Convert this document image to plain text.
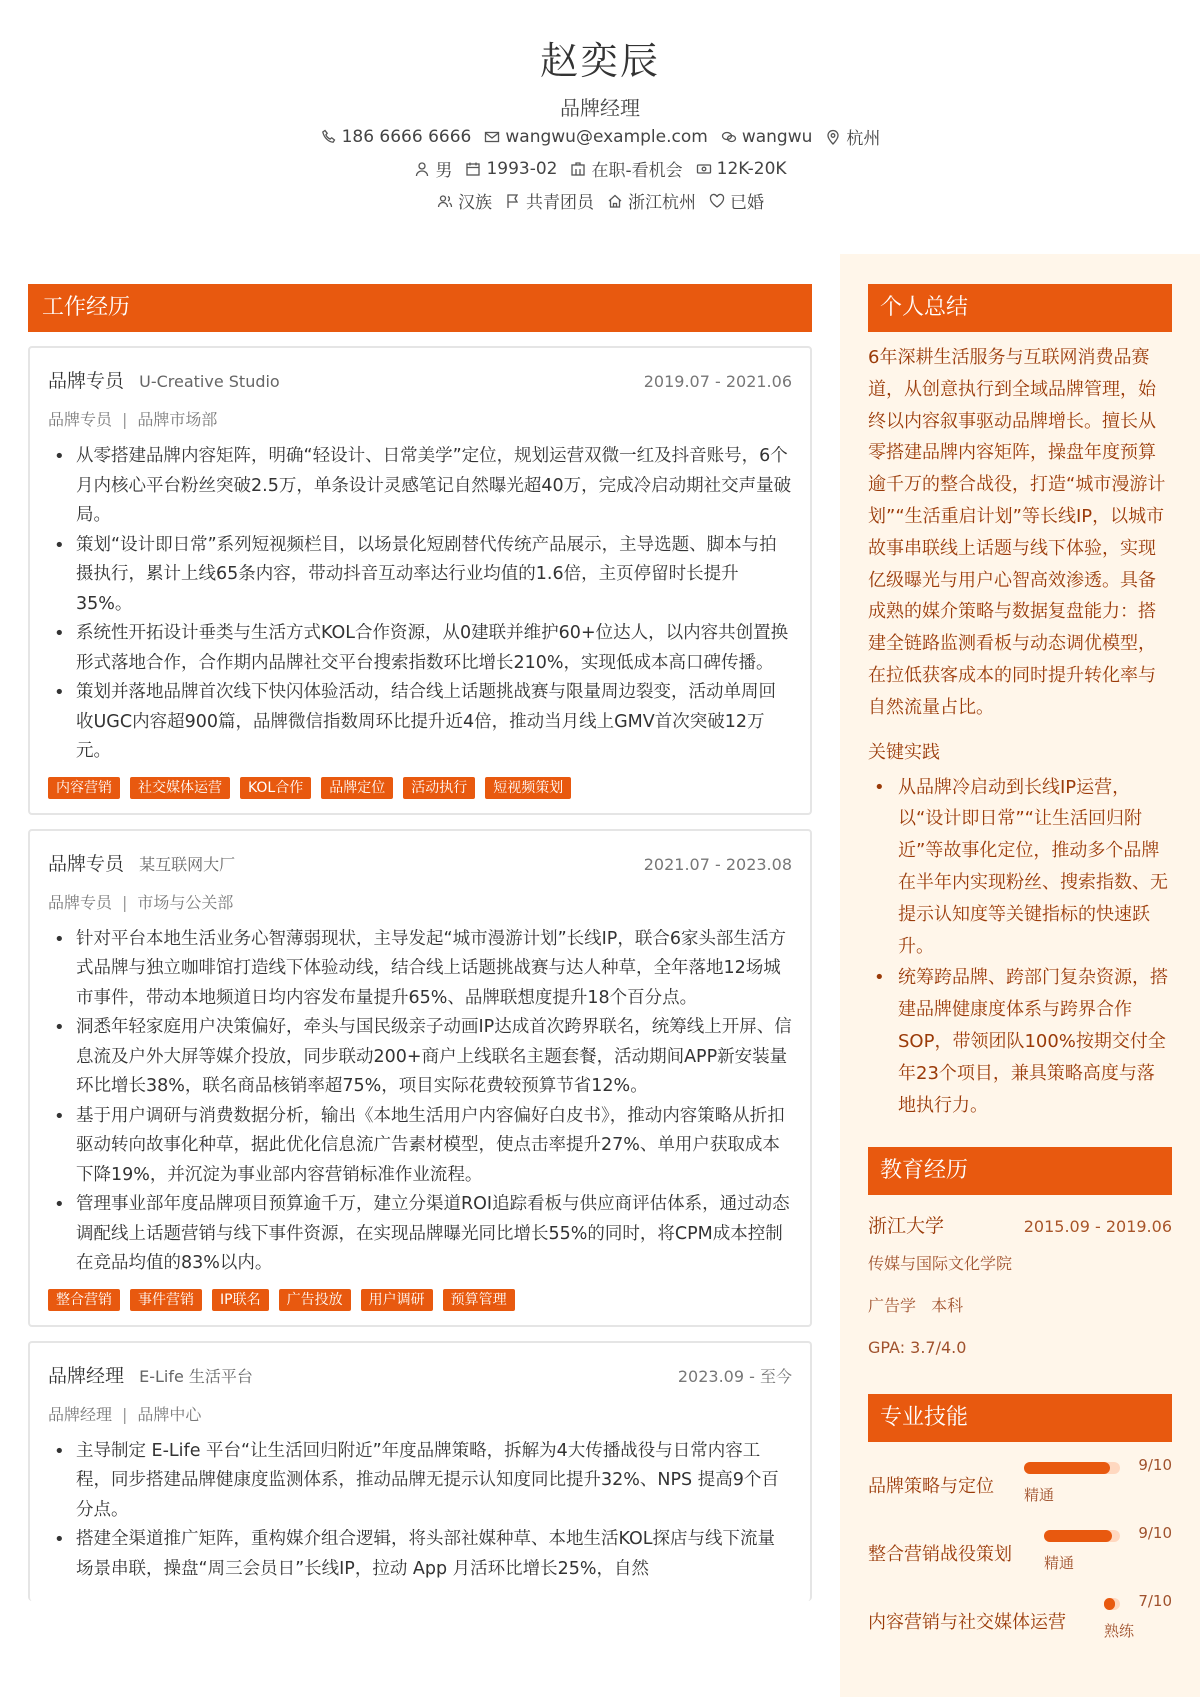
赵奕辰
品牌经理
186 6666 6666 wangwu@example.com wangwu 杭州
男 1993-02 在职-看机会 12K-20K
汉族 共青团员 浙江杭州 已婚
工作经历
品牌专员 U-Creative Studio	2019.07 - 2021.06
品牌专员 | 品牌市场部
• 从零搭建品牌内容矩阵，明确“轻设计、日常美学”定位，规划运营双微一红及抖音账号，6个月内核心平台粉丝突破2.5万，单条设计灵感笔记自然曝光超40万，完成冷启动期社交声量破局。
• 策划“设计即日常”系列短视频栏目，以场景化短剧替代传统产品展示，主导选题、脚本与拍摄执行，累计上线65条内容，带动抖音互动率达行业均值的1.6倍，主页停留时长提升35%。
• 系统性开拓设计垂类与生活方式KOL合作资源，从0建联并维护60+位达人，以内容共创置换形式落地合作，合作期内品牌社交平台搜索指数环比增长210%，实现低成本高口碑传播。
• 策划并落地品牌首次线下快闪体验活动，结合线上话题挑战赛与限量周边裂变，活动单周回收UGC内容超900篇，品牌微信指数周环比提升近4倍，推动当月线上GMV首次突破12万元。
内容营销	社交媒体运营	KOL合作	品牌定位	活动执行	短视频策划
品牌专员 某互联网大厂	2021.07 - 2023.08
品牌专员 | 市场与公关部
• 针对平台本地生活业务心智薄弱现状，主导发起“城市漫游计划”长线IP，联合6家头部生活方式品牌与独立咖啡馆打造线下体验动线，结合线上话题挑战赛与达人种草，全年落地12场城市事件，带动本地频道日均内容发布量提升65%、品牌联想度提升18个百分点。
• 洞悉年轻家庭用户决策偏好，牵头与国民级亲子动画IP达成首次跨界联名，统筹线上开屏、信息流及户外大屏等媒介投放，同步联动200+商户上线联名主题套餐，活动期间APP新安装量环比增长38%，联名商品核销率超75%，项目实际花费较预算节省12%。
• 基于用户调研与消费数据分析，输出《本地生活用户内容偏好白皮书》，推动内容策略从折扣驱动转向故事化种草，据此优化信息流广告素材模型，使点击率提升27%、单用户获取成本下降19%，并沉淀为事业部内容营销标准作业流程。
• 管理事业部年度品牌项目预算逾千万，建立分渠道ROI追踪看板与供应商评估体系，通过动态调配线上话题营销与线下事件资源，在实现品牌曝光同比增长55%的同时，将CPM成本控制在竞品均值的83%以内。
整合营销	事件营销	IP联名	广告投放	用户调研	预算管理
品牌经理 E-Life 生活平台	2023.09 - 至今
品牌经理 | 品牌中心
• 主导制定 E-Life 平台“让生活回归附近”年度品牌策略，拆解为4大传播战役与日常内容工程，同步搭建品牌健康度监测体系，推动品牌无提示认知度同比提升32%、NPS 提高9个百分点。
• 搭建全渠道推广矩阵，重构媒介组合逻辑，将头部社媒种草、本地生活KOL探店与线下流量场景串联，操盘“周三会员日”长线IP，拉动 App 月活环比增长25%，自然
个人总结
6年深耕生活服务与互联网消费品赛道，从创意执行到全域品牌管理，始终以内容叙事驱动品牌增长。擅长从零搭建品牌内容矩阵，操盘年度预算逾千万的整合战役，打造“城市漫游计划”“生活重启计划”等长线IP，以城市故事串联线上话题与线下体验，实现亿级曝光与用户心智高效渗透。具备成熟的媒介策略与数据复盘能力：搭建全链路监测看板与动态调优模型，在拉低获客成本的同时提升转化率与自然流量占比。
关键实践
• 从品牌冷启动到长线IP运营，以“设计即日常”“让生活回归附近”等故事化定位，推动多个品牌在半年内实现粉丝、搜索指数、无提示认知度等关键指标的快速跃升。
• 统筹跨品牌、跨部门复杂资源，搭建品牌健康度体系与跨界合作SOP，带领团队100%按期交付全年23个项目，兼具策略高度与落地执行力。
教育经历
浙江大学	2015.09 - 2019.06
传媒与国际文化学院
广告学 本科
GPA: 3.7/4.0
专业技能
品牌策略与定位
9/10
精通
整合营销战役策划
9/10
精通
内容营销与社交媒体运营
7/10
熟练
